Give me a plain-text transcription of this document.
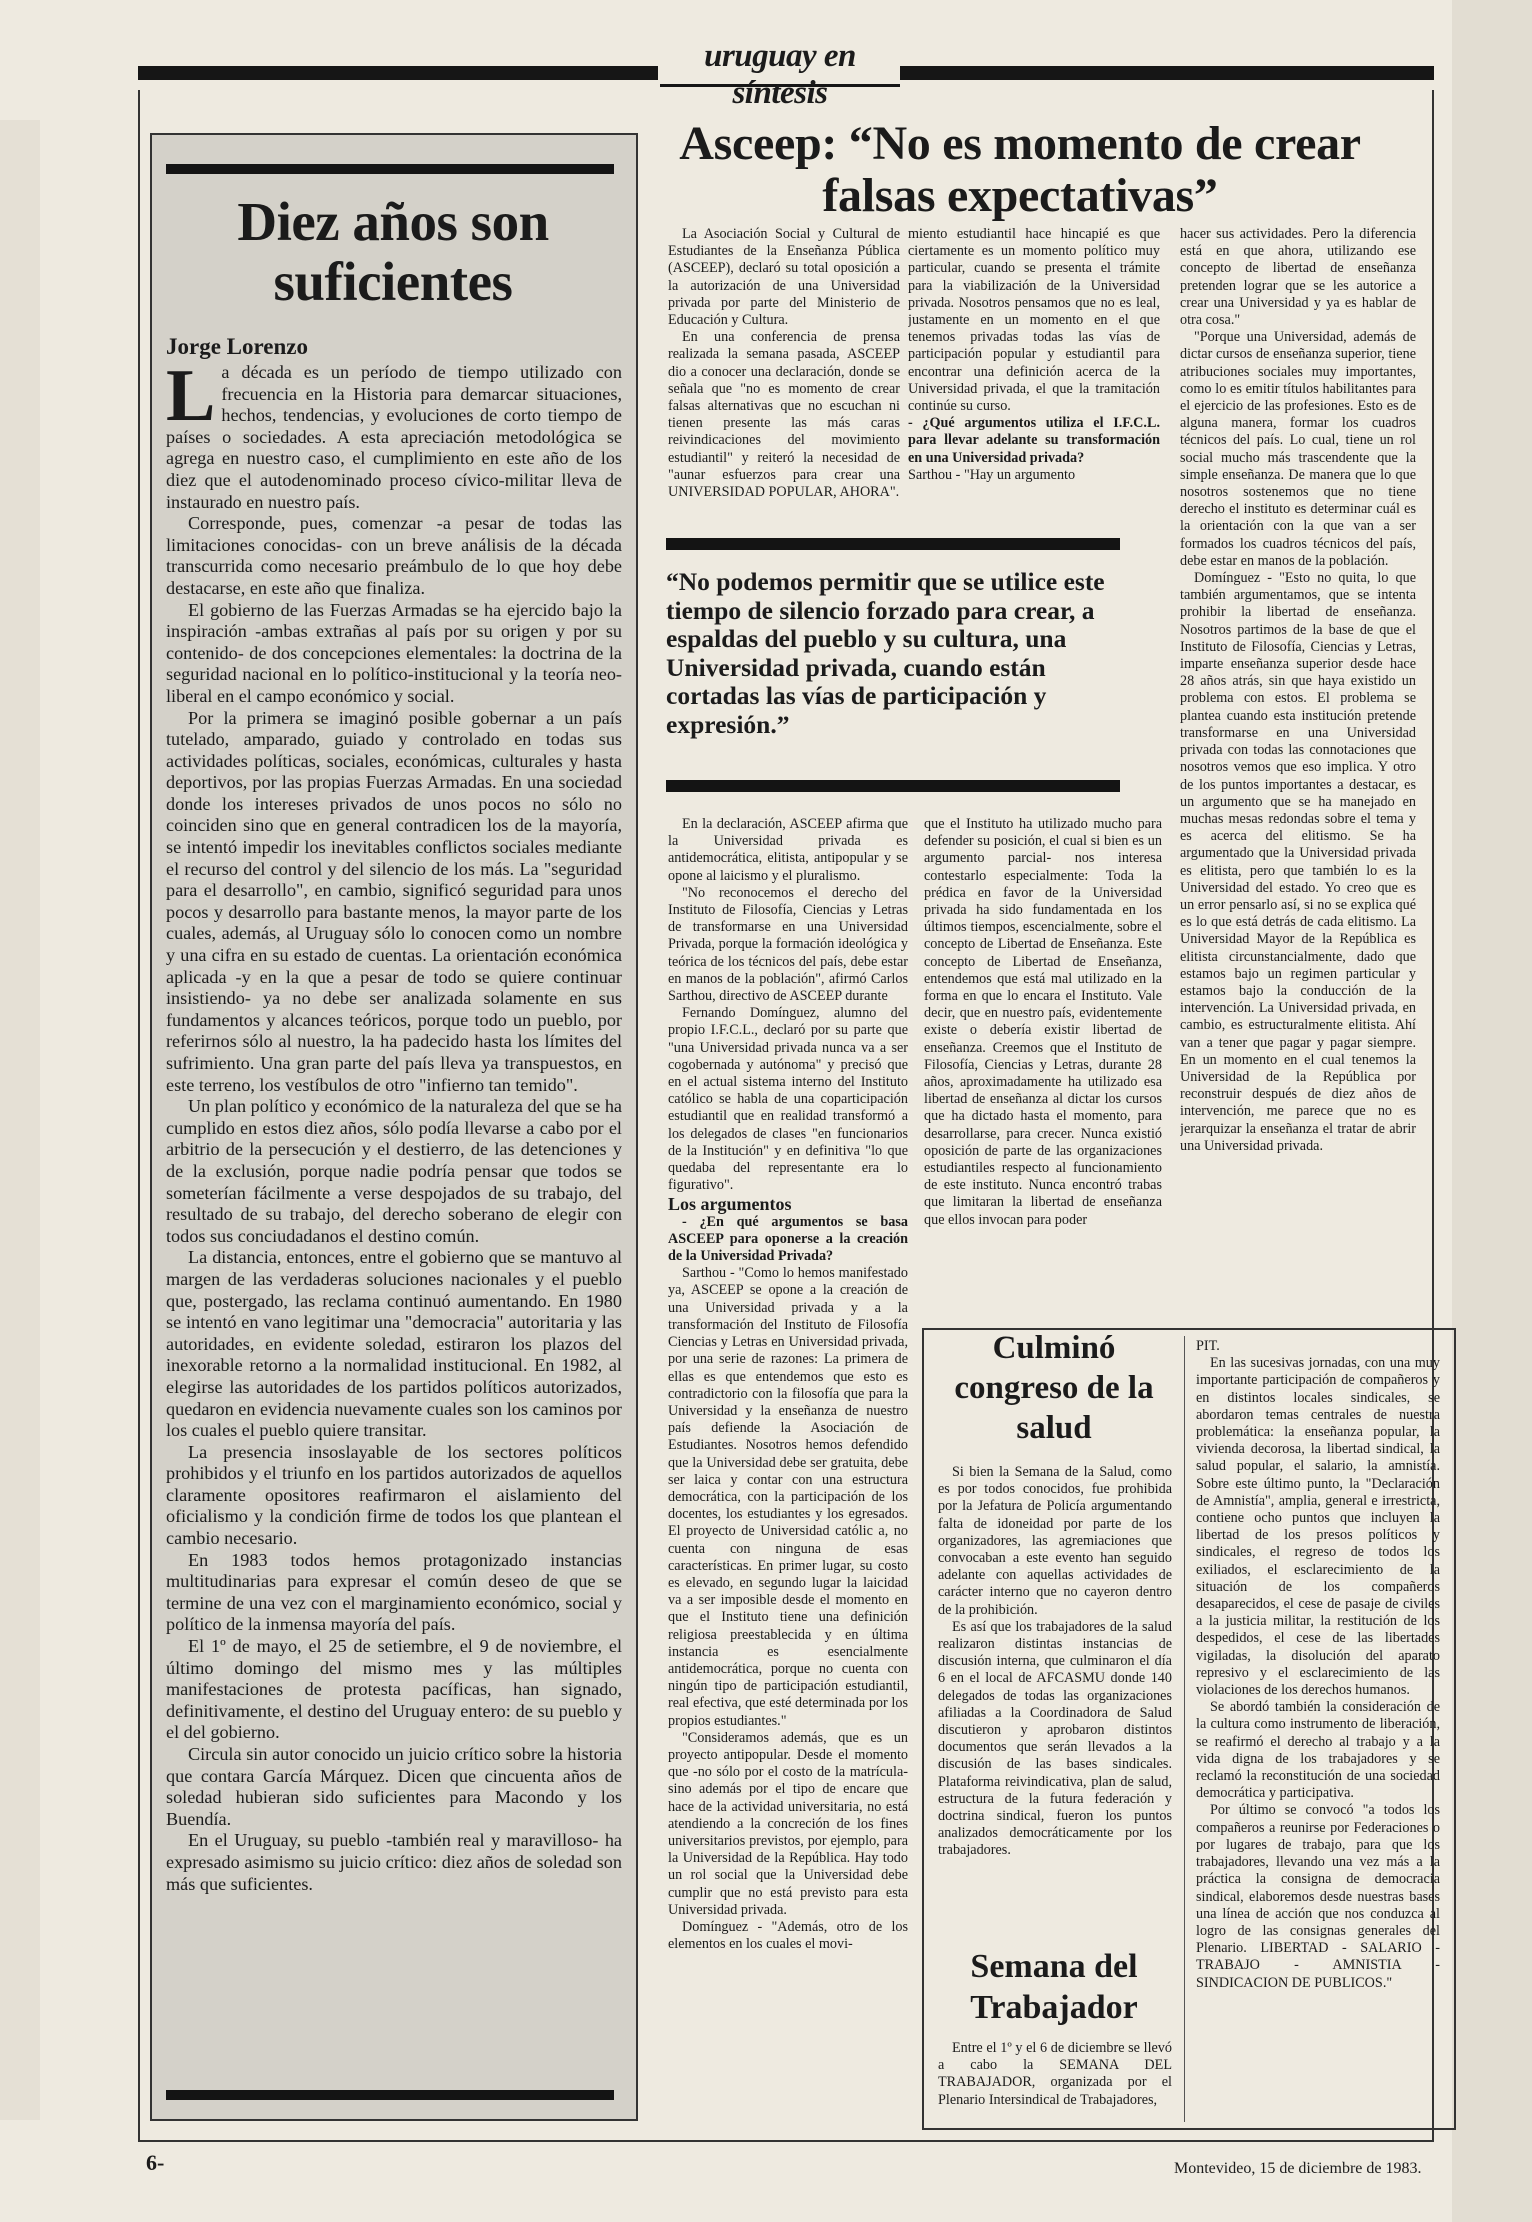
uruguay en síntesis
Diez años son suficientes
Jorge Lorenzo

La década es un período de tiempo utilizado con frecuencia en la Historia para demarcar situaciones, hechos, tendencias, y evoluciones de corto tiempo de países o sociedades. A esta apreciación metodológica se agrega en nuestro caso, el cumplimiento en este año de los diez que el autodenominado proceso cívico-militar lleva de instaurado en nuestro país.

Corresponde, pues, comenzar -a pesar de todas las limitaciones conocidas- con un breve análisis de la década transcurrida como necesario preámbulo de lo que hoy debe destacarse, en este año que finaliza.

El gobierno de las Fuerzas Armadas se ha ejercido bajo la inspiración -ambas extrañas al país por su origen y por su contenido- de dos concepciones elementales: la doctrina de la seguridad nacional en lo político-institucional y la teoría neo-liberal en el campo económico y social.

Por la primera se imaginó posible gobernar a un país tutelado, amparado, guiado y controlado en todas sus actividades políticas, sociales, económicas, culturales y hasta deportivos, por las propias Fuerzas Armadas. En una sociedad donde los intereses privados de unos pocos no sólo no coinciden sino que en general contradicen los de la mayoría, se intentó impedir los inevitables conflictos sociales mediante el recurso del control y del silencio de los más. La "seguridad para el desarrollo", en cambio, significó seguridad para unos pocos y desarrollo para bastante menos, la mayor parte de los cuales, además, al Uruguay sólo lo conocen como un nombre y una cifra en su estado de cuentas. La orientación económica aplicada -y en la que a pesar de todo se quiere continuar insistiendo- ya no debe ser analizada solamente en sus fundamentos y alcances teóricos, porque todo un pueblo, por referirnos sólo al nuestro, la ha padecido hasta los límites del sufrimiento. Una gran parte del país lleva ya transpuestos, en este terreno, los vestíbulos de otro "infierno tan temido".

Un plan político y económico de la naturaleza del que se ha cumplido en estos diez años, sólo podía llevarse a cabo por el arbitrio de la persecución y el destierro, de las detenciones y de la exclusión, porque nadie podría pensar que todos se someterían fácilmente a verse despojados de su trabajo, del resultado de su trabajo, del derecho soberano de elegir con todos sus conciudadanos el destino común.

La distancia, entonces, entre el gobierno que se mantuvo al margen de las verdaderas soluciones nacionales y el pueblo que, postergado, las reclama continuó aumentando. En 1980 se intentó en vano legitimar una "democracia" autoritaria y las autoridades, en evidente soledad, estiraron los plazos del inexorable retorno a la normalidad institucional. En 1982, al elegirse las autoridades de los partidos políticos autorizados, quedaron en evidencia nuevamente cuales son los caminos por los cuales el pueblo quiere transitar.

La presencia insoslayable de los sectores políticos prohibidos y el triunfo en los partidos autorizados de aquellos claramente opositores reafirmaron el aislamiento del oficialismo y la condición firme de todos los que plantean el cambio necesario.

En 1983 todos hemos protagonizado instancias multitudinarias para expresar el común deseo de que se termine de una vez con el marginamiento económico, social y político de la inmensa mayoría del país.

El 1º de mayo, el 25 de setiembre, el 9 de noviembre, el último domingo del mismo mes y las múltiples manifestaciones de protesta pacíficas, han signado, definitivamente, el destino del Uruguay entero: de su pueblo y el del gobierno.

Circula sin autor conocido un juicio crítico sobre la historia que contara García Márquez. Dicen que cincuenta años de soledad hubieran sido suficientes para Macondo y los Buendía.

En el Uruguay, su pueblo -también real y maravilloso- ha expresado asimismo su juicio crítico: diez años de soledad son más que suficientes.

Asceep: “No es momento de crear falsas expectativas”

La Asociación Social y Cultural de Estudiantes de la Enseñanza Pública (ASCEEP), declaró su total oposición a la autorización de una Universidad privada por parte del Ministerio de Educación y Cultura.

En una conferencia de prensa realizada la semana pasada, ASCEEP dio a conocer una declaración, donde se señala que "no es momento de crear falsas alternativas que no escuchan ni tienen presente las más caras reivindicaciones del movimiento estudiantil" y reiteró la necesidad de "aunar esfuerzos para crear una UNIVERSIDAD POPULAR, AHORA".

miento estudiantil hace hincapié es que ciertamente es un momento político muy particular, cuando se presenta el trámite para la viabilización de la Universidad privada. Nosotros pensamos que no es leal, justamente en un momento en el que tenemos privadas todas las vías de participación popular y estudiantil para encontrar una definición acerca de la Universidad privada, el que la tramitación continúe su curso.

- ¿Qué argumentos utiliza el I.F.C.L. para llevar adelante su transformación en una Universidad privada?

Sarthou - "Hay un argumento

“No podemos permitir que se utilice este tiempo de silencio forzado para crear, a espaldas del pueblo y su cultura, una Universidad privada, cuando están cortadas las vías de participación y expresión.”

hacer sus actividades. Pero la diferencia está en que ahora, utilizando ese concepto de libertad de enseñanza pretenden lograr que se les autorice a crear una Universidad y ya es hablar de otra cosa."

"Porque una Universidad, además de dictar cursos de enseñanza superior, tiene atribuciones sociales muy importantes, como lo es emitir títulos habilitantes para el ejercicio de las profesiones. Esto es de alguna manera, formar los cuadros técnicos del país. Lo cual, tiene un rol social mucho más trascendente que la simple enseñanza. De manera que lo que nosotros sostenemos que no tiene derecho el instituto es determinar cuál es la orientación con la que van a ser formados los cuadros técnicos del país, debe estar en manos de la población.

Domínguez - "Esto no quita, lo que también argumentamos, que se intenta prohibir la libertad de enseñanza. Nosotros partimos de la base de que el Instituto de Filosofía, Ciencias y Letras, imparte enseñanza superior desde hace 28 años atrás, sin que haya existido un problema con estos. El problema se plantea cuando esta institución pretende transformarse en una Universidad privada con todas las connotaciones que nosotros vemos que eso implica. Y otro de los puntos importantes a destacar, es un argumento que se ha manejado en muchas mesas redondas sobre el tema y es acerca del elitismo. Se ha argumentado que la Universidad privada es elitista, pero que también lo es la Universidad del estado. Yo creo que es un error pensarlo así, si no se explica qué es lo que está detrás de cada elitismo. La Universidad Mayor de la República es elitista circunstancialmente, dado que estamos bajo un regimen particular y estamos bajo la conducción de la intervención. La Universidad privada, en cambio, es estructuralmente elitista. Ahí van a tener que pagar y pagar siempre. En un momento en el cual tenemos la Universidad de la República por reconstruir después de diez años de intervención, me parece que no es jerarquizar la enseñanza el tratar de abrir una Universidad privada.

En la declaración, ASCEEP afirma que la Universidad privada es antidemocrática, elitista, antipopular y se opone al laicismo y el pluralismo.

"No reconocemos el derecho del Instituto de Filosofía, Ciencias y Letras de transformarse en una Universidad Privada, porque la formación ideológica y teórica de los técnicos del país, debe estar en manos de la población", afirmó Carlos Sarthou, directivo de ASCEEP durante

Fernando Domínguez, alumno del propio I.F.C.L., declaró por su parte que "una Universidad privada nunca va a ser cogobernada y autónoma" y precisó que en el actual sistema interno del Instituto católico se habla de una coparticipación estudiantil que en realidad transformó a los delegados de clases "en funcionarios de la Institución" y en definitiva "lo que quedaba del representante era lo figurativo".

Los argumentos

- ¿En qué argumentos se basa ASCEEP para oponerse a la creación de la Universidad Privada?

Sarthou - "Como lo hemos manifestado ya, ASCEEP se opone a la creación de una Universidad privada y a la transformación del Instituto de Filosofía Ciencias y Letras en Universidad privada, por una serie de razones: La primera de ellas es que entendemos que esto es contradictorio con la filosofía que para la Universidad y la enseñanza de nuestro país defiende la Asociación de Estudiantes. Nosotros hemos defendido que la Universidad debe ser gratuita, debe ser laica y contar con una estructura democrática, con la participación de los docentes, los estudiantes y los egresados. El proyecto de Universidad católic a, no cuenta con ninguna de esas características. En primer lugar, su costo es elevado, en segundo lugar la laicidad va a ser imposible desde el momento en que el Instituto tiene una definición religiosa preestablecida y en última instancia es esencialmente antidemocrática, porque no cuenta con ningún tipo de participación estudiantil, real efectiva, que esté determinada por los propios estudiantes."

"Consideramos además, que es un proyecto antipopular. Desde el momento que -no sólo por el costo de la matrícula- sino además por el tipo de encare que hace de la actividad universitaria, no está atendiendo a la concreción de los fines universitarios previstos, por ejemplo, para la Universidad de la República. Hay todo un rol social que la Universidad debe cumplir que no está previsto para esta Universidad privada.

Domínguez - "Además, otro de los elementos en los cuales el movi-

que el Instituto ha utilizado mucho para defender su posición, el cual si bien es un argumento parcial- nos interesa contestarlo especialmente: Toda la prédica en favor de la Universidad privada ha sido fundamentada en los últimos tiempos, escencialmente, sobre el concepto de Libertad de Enseñanza. Este concepto de Libertad de Enseñanza, entendemos que está mal utilizado en la forma en que lo encara el Instituto. Vale decir, que en nuestro país, evidentemente existe o debería existir libertad de enseñanza. Creemos que el Instituto de Filosofía, Ciencias y Letras, durante 28 años, aproximadamente ha utilizado esa libertad de enseñanza al dictar los cursos que ha dictado hasta el momento, para desarrollarse, para crecer. Nunca existió oposición de parte de las organizaciones estudiantiles respecto al funcionamiento de este instituto. Nunca encontró trabas que limitaran la libertad de enseñanza que ellos invocan para poder

Culminó congreso de la salud

Si bien la Semana de la Salud, como es por todos conocidos, fue prohibida por la Jefatura de Policía argumentando falta de idoneidad por parte de los organizadores, las agremiaciones que convocaban a este evento han seguido adelante con aquellas actividades de carácter interno que no cayeron dentro de la prohibición.

Es así que los trabajadores de la salud realizaron distintas instancias de discusión interna, que culminaron el día 6 en el local de AFCASMU donde 140 delegados de todas las organizaciones afiliadas a la Coordinadora de Salud discutieron y aprobaron distintos documentos que serán llevados a la discusión de las bases sindicales. Plataforma reivindicativa, plan de salud, estructura de la futura federación y doctrina sindical, fueron los puntos analizados democráticamente por los trabajadores.

Semana del Trabajador

Entre el 1º y el 6 de diciembre se llevó a cabo la SEMANA DEL TRABAJADOR, organizada por el Plenario Intersindical de Trabajadores,

PIT.

En las sucesivas jornadas, con una muy importante participación de compañeros y en distintos locales sindicales, se abordaron temas centrales de nuestra problemática: la enseñanza popular, la vivienda decorosa, la libertad sindical, la salud popular, el salario, la amnistía. Sobre este último punto, la "Declaración de Amnistía", amplia, general e irrestricta, contiene ocho puntos que incluyen la libertad de los presos políticos y sindicales, el regreso de todos los exiliados, el esclarecimiento de la situación de los compañeros desaparecidos, el cese de pasaje de civiles a la justicia militar, la restitución de los despedidos, el cese de las libertades vigiladas, la disolución del aparato represivo y el esclarecimiento de las violaciones de los derechos humanos.

Se abordó también la consideración de la cultura como instrumento de liberación, se reafirmó el derecho al trabajo y a la vida digna de los trabajadores y se reclamó la reconstitución de una sociedad democrática y participativa.

Por último se convocó "a todos los compañeros a reunirse por Federaciones o por lugares de trabajo, para que los trabajadores, llevando una vez más a la práctica la consigna de democracia sindical, elaboremos desde nuestras bases una línea de acción que nos conduzca al logro de las consignas generales del Plenario. LIBERTAD - SALARIO - TRABAJO - AMNISTIA - SINDICACION DE PUBLICOS."

6-	Montevideo, 15 de diciembre de 1983.
